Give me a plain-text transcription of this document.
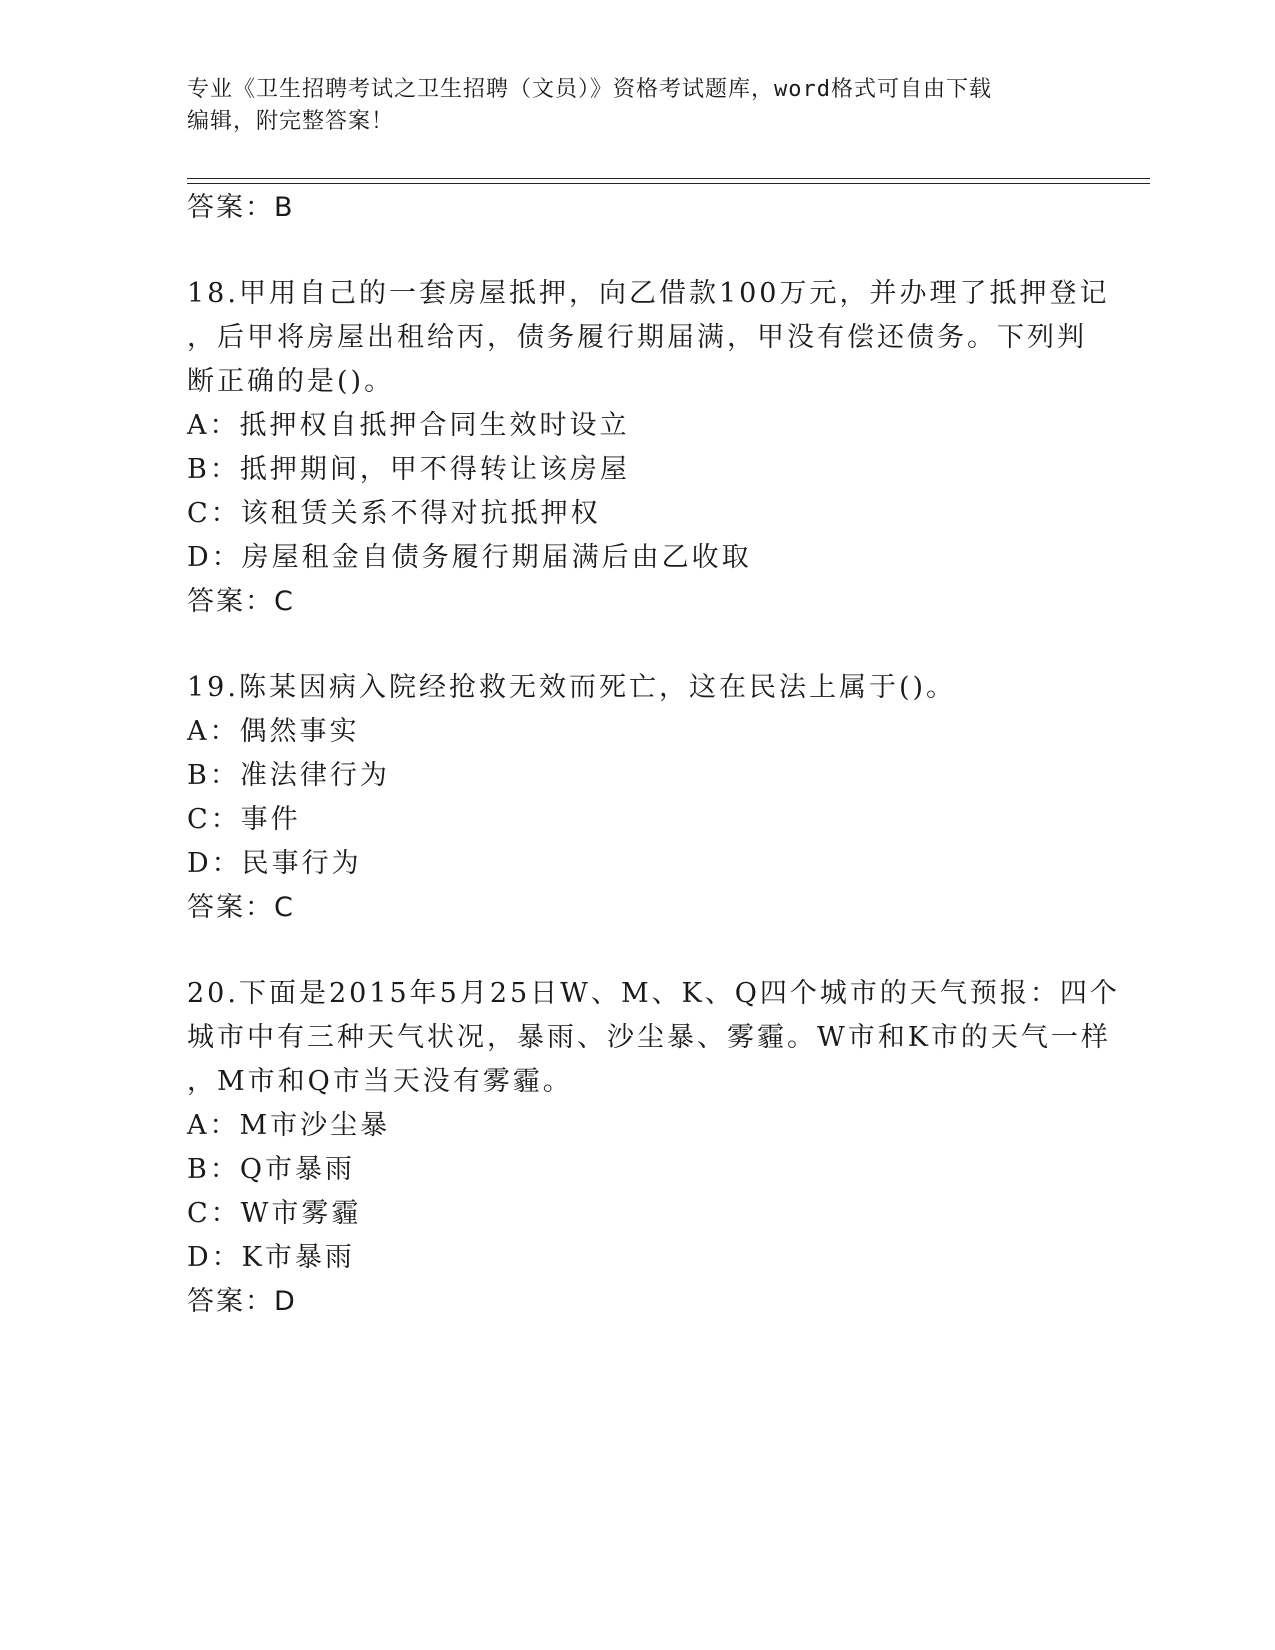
专业《卫生招聘考试之卫生招聘（文员）》资格考试题库，word格式可自由下载
编辑，附完整答案！
答案：B
18.甲用自己的一套房屋抵押，向乙借款100万元，并办理了抵押登记
，后甲将房屋出租给丙，债务履行期届满，甲没有偿还债务。下列判
断正确的是()。
A：抵押权自抵押合同生效时设立
B：抵押期间，甲不得转让该房屋
C：该租赁关系不得对抗抵押权
D：房屋租金自债务履行期届满后由乙收取
答案：C
19.陈某因病入院经抢救无效而死亡，这在民法上属于()。
A：偶然事实
B：准法律行为
C：事件
D：民事行为
答案：C
20.下面是2015年5月25日W、M、K、Q四个城市的天气预报：四个
城市中有三种天气状况，暴雨、沙尘暴、雾霾。W市和K市的天气一样
，M市和Q市当天没有雾霾。
A：M市沙尘暴
B：Q市暴雨
C：W市雾霾
D：K市暴雨
答案：D
